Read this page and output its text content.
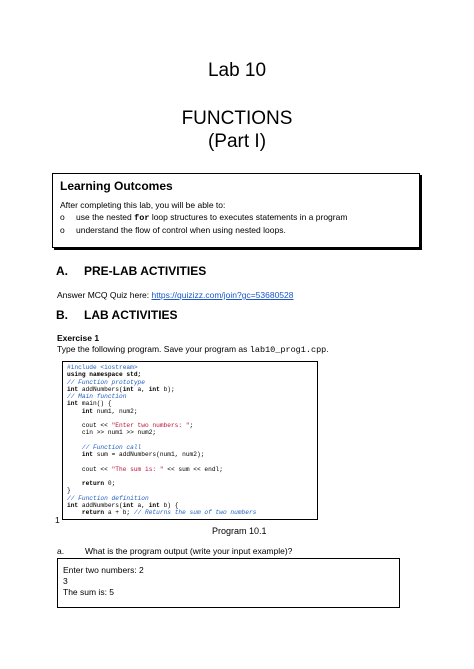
Lab 10
FUNCTIONS
(Part I)
Learning Outcomes

After completing this lab, you will be able to:

o	use the nested for loop structures to executes statements in a program
o	understand the flow of control when using nested loops.
A.	PRE-LAB ACTIVITIES
Answer MCQ Quiz here: https://quizizz.com/join?gc=53680528
B.	LAB ACTIVITIES
Exercise 1
Type the following program. Save your program as lab10_prog1.cpp.
#include <iostream>
using namespace std;
// Function prototype
int addNumbers(int a, int b);
// Main function
int main() {
int num1, num2;

cout << "Enter two numbers: ";
cin >> num1 >> num2;

// Function call
int sum = addNumbers(num1, num2);

cout << "The sum is: " << sum << endl;

return 0;
}
// Function definition
int addNumbers(int a, int b) {
return a + b; // Returns the sum of two numbers
1
Program 10.1
a.	What is the program output (write your input example)?
Enter two numbers: 2
3
The sum is: 5
